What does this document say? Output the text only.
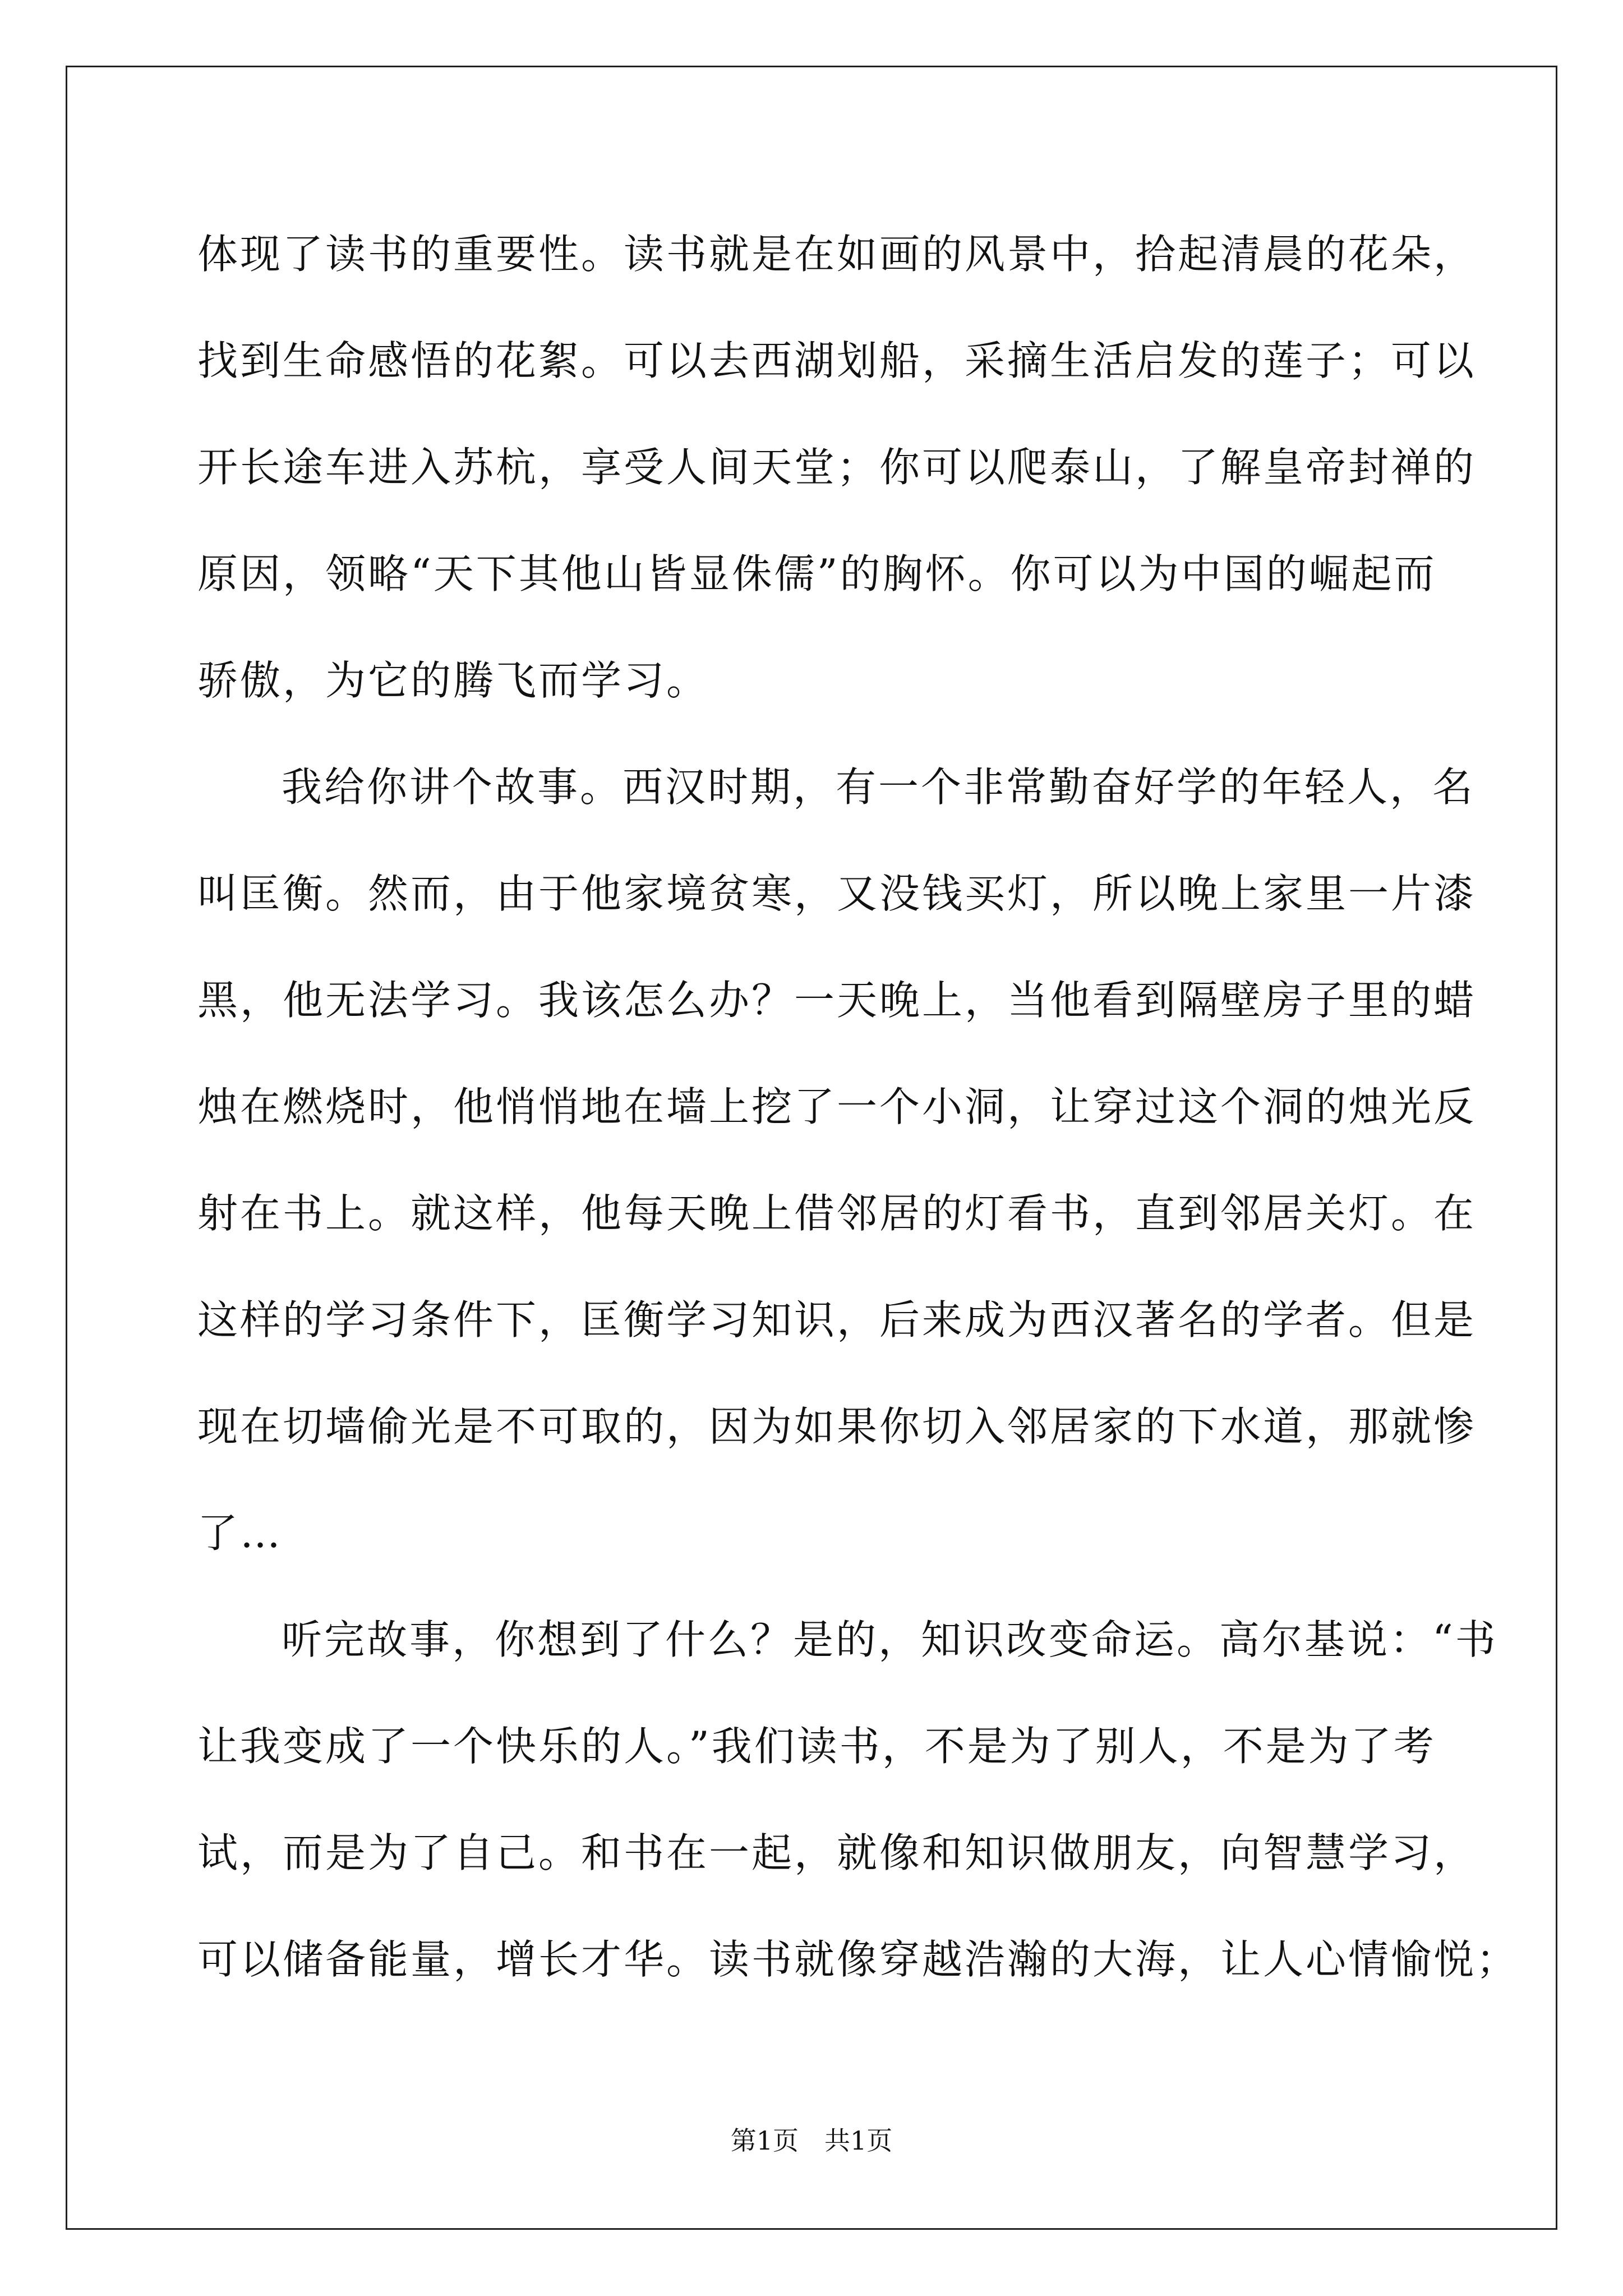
体现了读书的重要性。读书就是在如画的风景中，拾起清晨的花朵，
找到生命感悟的花絮。可以去西湖划船，采摘生活启发的莲子；可以
开长途车进入苏杭，享受人间天堂；你可以爬泰山，了解皇帝封禅的
原因，领略“天下其他山皆显侏儒”的胸怀。你可以为中国的崛起而
骄傲，为它的腾飞而学习。
我给你讲个故事。西汉时期，有一个非常勤奋好学的年轻人，名
叫匡衡。然而，由于他家境贫寒，又没钱买灯，所以晚上家里一片漆
黑，他无法学习。我该怎么办？一天晚上，当他看到隔壁房子里的蜡
烛在燃烧时，他悄悄地在墙上挖了一个小洞，让穿过这个洞的烛光反
射在书上。就这样，他每天晚上借邻居的灯看书，直到邻居关灯。在
这样的学习条件下，匡衡学习知识，后来成为西汉著名的学者。但是
现在切墙偷光是不可取的，因为如果你切入邻居家的下水道，那就惨
了…
听完故事，你想到了什么？是的，知识改变命运。高尔基说：“书
让我变成了一个快乐的人。”我们读书，不是为了别人，不是为了考
试，而是为了自己。和书在一起，就像和知识做朋友，向智慧学习，
可以储备能量，增长才华。读书就像穿越浩瀚的大海，让人心情愉悦；
第1页　共1页
